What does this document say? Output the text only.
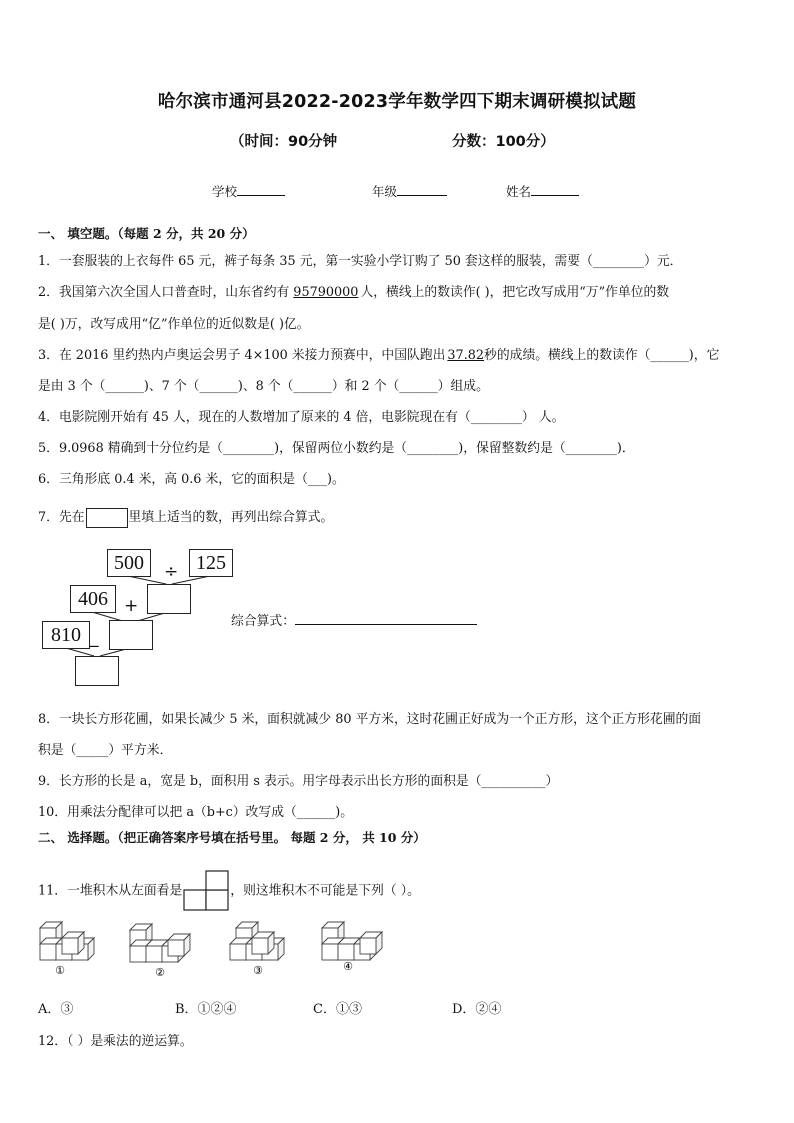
哈尔滨市通河县2022-2023学年数学四下期末调研模拟试题
（时间：90分钟	分数：100分）
学校	年级	姓名
一、 填空题。（每题 2 分，共 20 分）
1．一套服装的上衣每件 65 元，裤子每条 35 元，第一实验小学订购了 50 套这样的服装，需要（________）元．
2．我国第六次全国人口普查时，山东省约有 95790000 人，横线上的数读作( )，把它改写成用“万”作单位的数
是( )万，改写成用“亿”作单位的近似数是( )亿。
3．在 2016 里约热内卢奥运会男子 4×100 米接力预赛中，中国队跑出 37.82秒的成绩。横线上的数读作（______)，它
是由 3 个（______)、7 个（______)、8 个（______）和 2 个（______）组成。
4．电影院刚开始有 45 人，现在的人数增加了原来的 4 倍，电影院现在有（________） 人。
5．9.0968 精确到十分位约是（________)，保留两位小数约是（________)，保留整数约是（________)．
6．三角形底 0.4 米，高 0.6 米，它的面积是（___)。
7．先在	里填上适当的数，再列出综合算式。
500	÷ 125
406 +
810 _
综合算式：
8．一块长方形花圃，如果长减少 5 米，面积就减少 80 平方米，这时花圃正好成为一个正方形，这个正方形花圃的面
积是（_____）平方米．
9．长方形的长是 a，宽是 b，面积用 s 表示。用字母表示出长方形的面积是（__________）
10．用乘法分配律可以把 a（b+c）改写成（______)。
二、 选择题。（把正确答案序号填在括号里。 每题 2 分， 共 10 分）
11．一堆积木从左面看是	，则这堆积木不可能是下列（ ）。
①	②	③	④
A．③	B．①②④	C．①③	D．②④
12．（ ）是乘法的逆运算。
